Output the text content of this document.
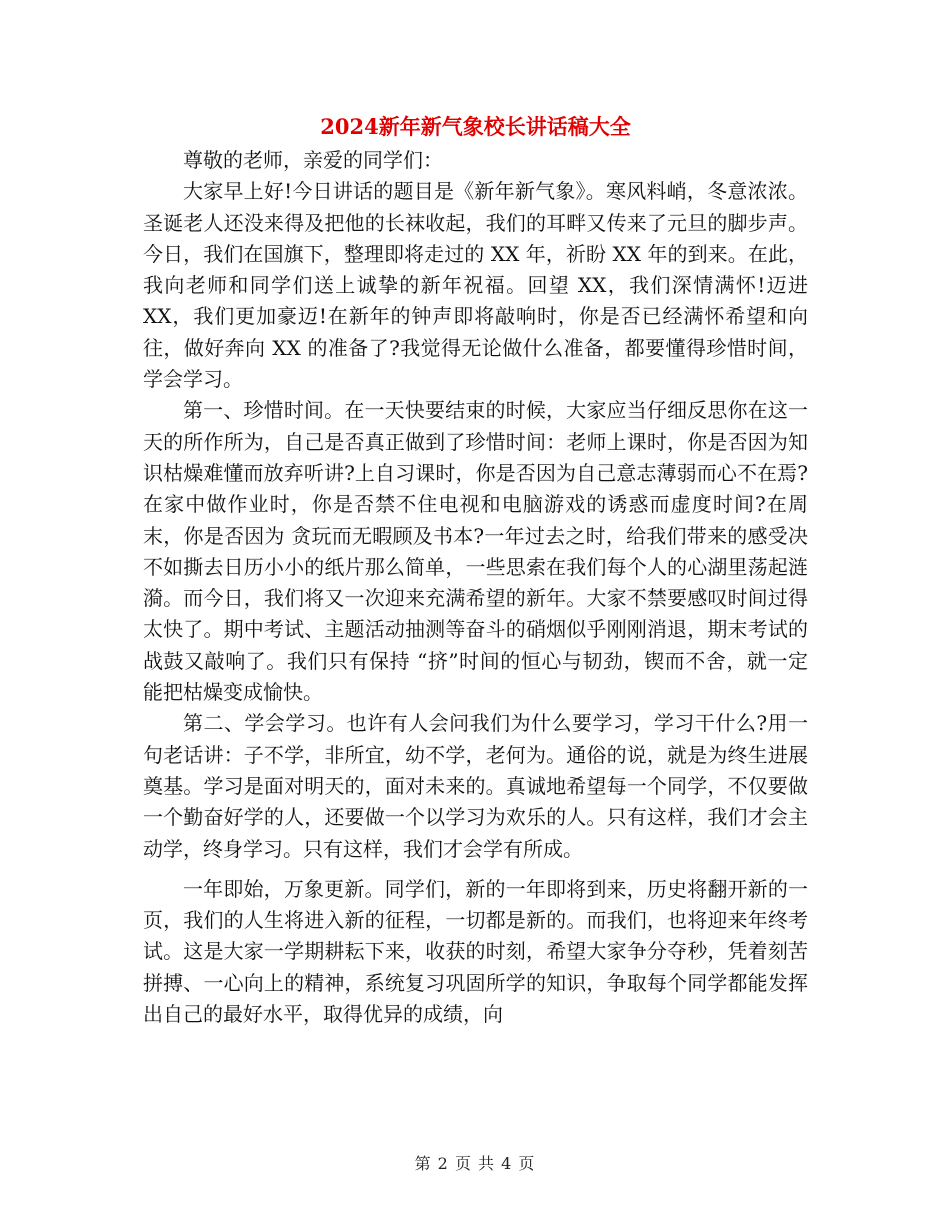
2024新年新气象校长讲话稿大全

尊敬的老师，亲爱的同学们：

大家早上好!今日讲话的题目是《新年新气象》。寒风料峭，冬意浓浓。圣诞老人还没来得及把他的长袜收起，我们的耳畔又传来了元旦的脚步声。今日，我们在国旗下，整理即将走过的 XX 年，祈盼 XX 年的到来。在此，我向老师和同学们送上诚挚的新年祝福。回望 XX，我们深情满怀!迈进 XX，我们更加豪迈!在新年的钟声即将敲响时，你是否已经满怀希望和向往，做好奔向 XX 的准备了?我觉得无论做什么准备，都要懂得珍惜时间，学会学习。

第一、珍惜时间。在一天快要结束的时候，大家应当仔细反思你在这一天的所作所为，自己是否真正做到了珍惜时间：老师上课时，你是否因为知识枯燥难懂而放弃听讲?上自习课时，你是否因为自己意志薄弱而心不在焉?在家中做作业时，你是否禁不住电视和电脑游戏的诱惑而虚度时间?在周末，你是否因为 贪玩而无暇顾及书本?一年过去之时，给我们带来的感受决不如撕去日历小小的纸片那么简单，一些思索在我们每个人的心湖里荡起涟漪。而今日，我们将又一次迎来充满希望的新年。大家不禁要感叹时间过得太快了。期中考试、主题活动抽测等奋斗的硝烟似乎刚刚消退，期末考试的战鼓又敲响了。我们只有保持 “挤”时间的恒心与韧劲，锲而不舍，就一定能把枯燥变成愉快。

第二、学会学习。也许有人会问我们为什么要学习，学习干什么?用一句老话讲：子不学，非所宜，幼不学，老何为。通俗的说，就是为终生进展奠基。学习是面对明天的，面对未来的。真诚地希望每一个同学，不仅要做一个勤奋好学的人，还要做一个以学习为欢乐的人。只有这样，我们才会主动学，终身学习。只有这样，我们才会学有所成。

一年即始，万象更新。同学们，新的一年即将到来，历史将翻开新的一页，我们的人生将进入新的征程，一切都是新的。而我们，也将迎来年终考试。这是大家一学期耕耘下来，收获的时刻，希望大家争分夺秒，凭着刻苦拼搏、一心向上的精神，系统复习巩固所学的知识，争取每个同学都能发挥出自己的最好水平，取得优异的成绩，向

第 2 页 共 4 页
